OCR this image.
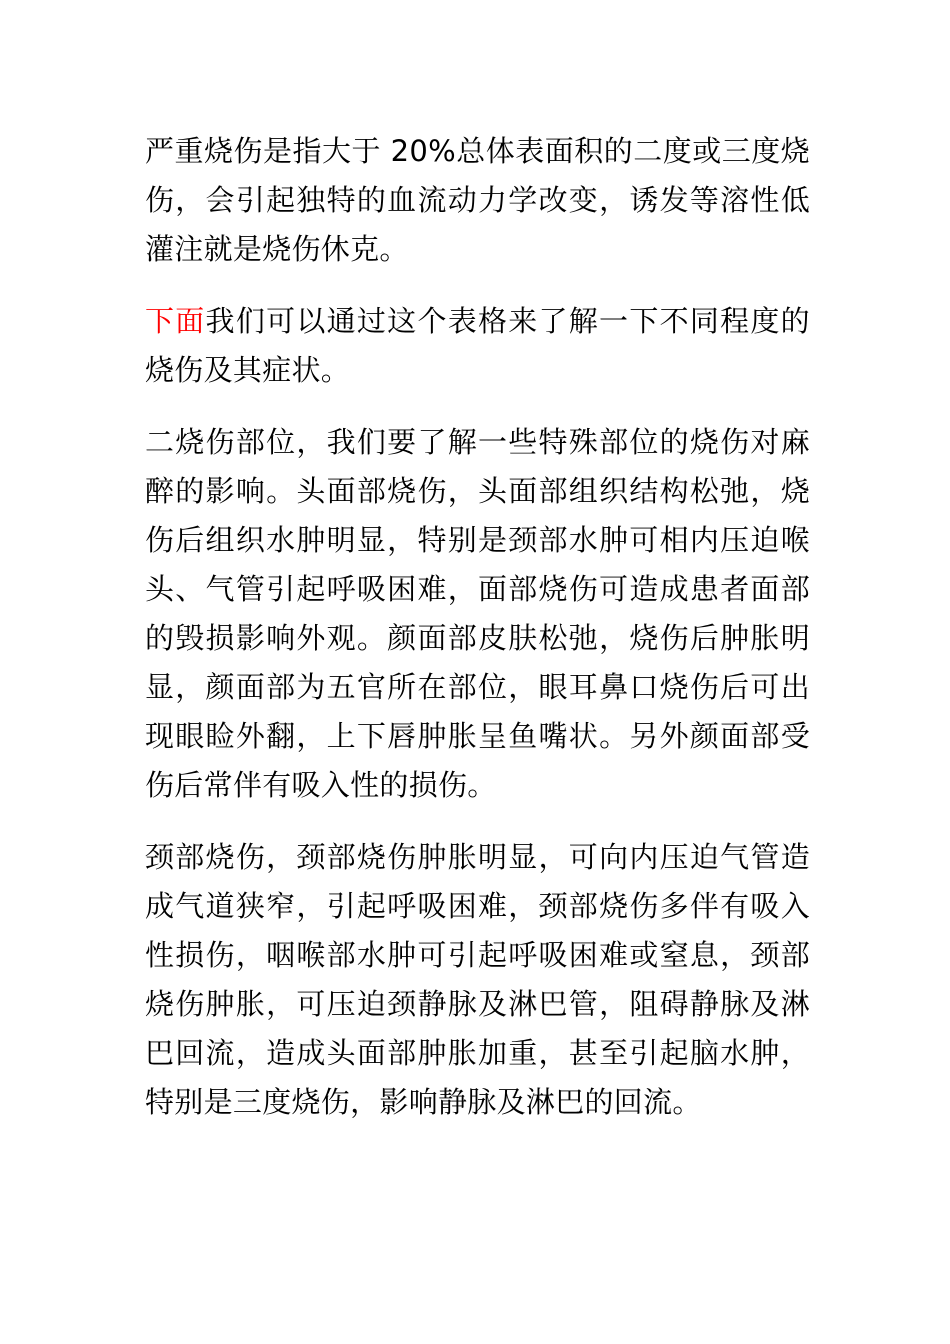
严重烧伤是指大于 20%总体表面积的二度或三度烧伤，会引起独特的血流动力学改变，诱发等溶性低灌注就是烧伤休克。

下面我们可以通过这个表格来了解一下不同程度的烧伤及其症状。

二烧伤部位，我们要了解一些特殊部位的烧伤对麻醉的影响。头面部烧伤，头面部组织结构松弛，烧伤后组织水肿明显，特别是颈部水肿可相内压迫喉头、气管引起呼吸困难，面部烧伤可造成患者面部的毁损影响外观。颜面部皮肤松弛，烧伤后肿胀明显，颜面部为五官所在部位，眼耳鼻口烧伤后可出现眼睑外翻，上下唇肿胀呈鱼嘴状。另外颜面部受伤后常伴有吸入性的损伤。

颈部烧伤，颈部烧伤肿胀明显，可向内压迫气管造成气道狭窄，引起呼吸困难，颈部烧伤多伴有吸入性损伤，咽喉部水肿可引起呼吸困难或窒息，颈部烧伤肿胀，可压迫颈静脉及淋巴管，阻碍静脉及淋巴回流，造成头面部肿胀加重，甚至引起脑水肿，特别是三度烧伤，影响静脉及淋巴的回流。
